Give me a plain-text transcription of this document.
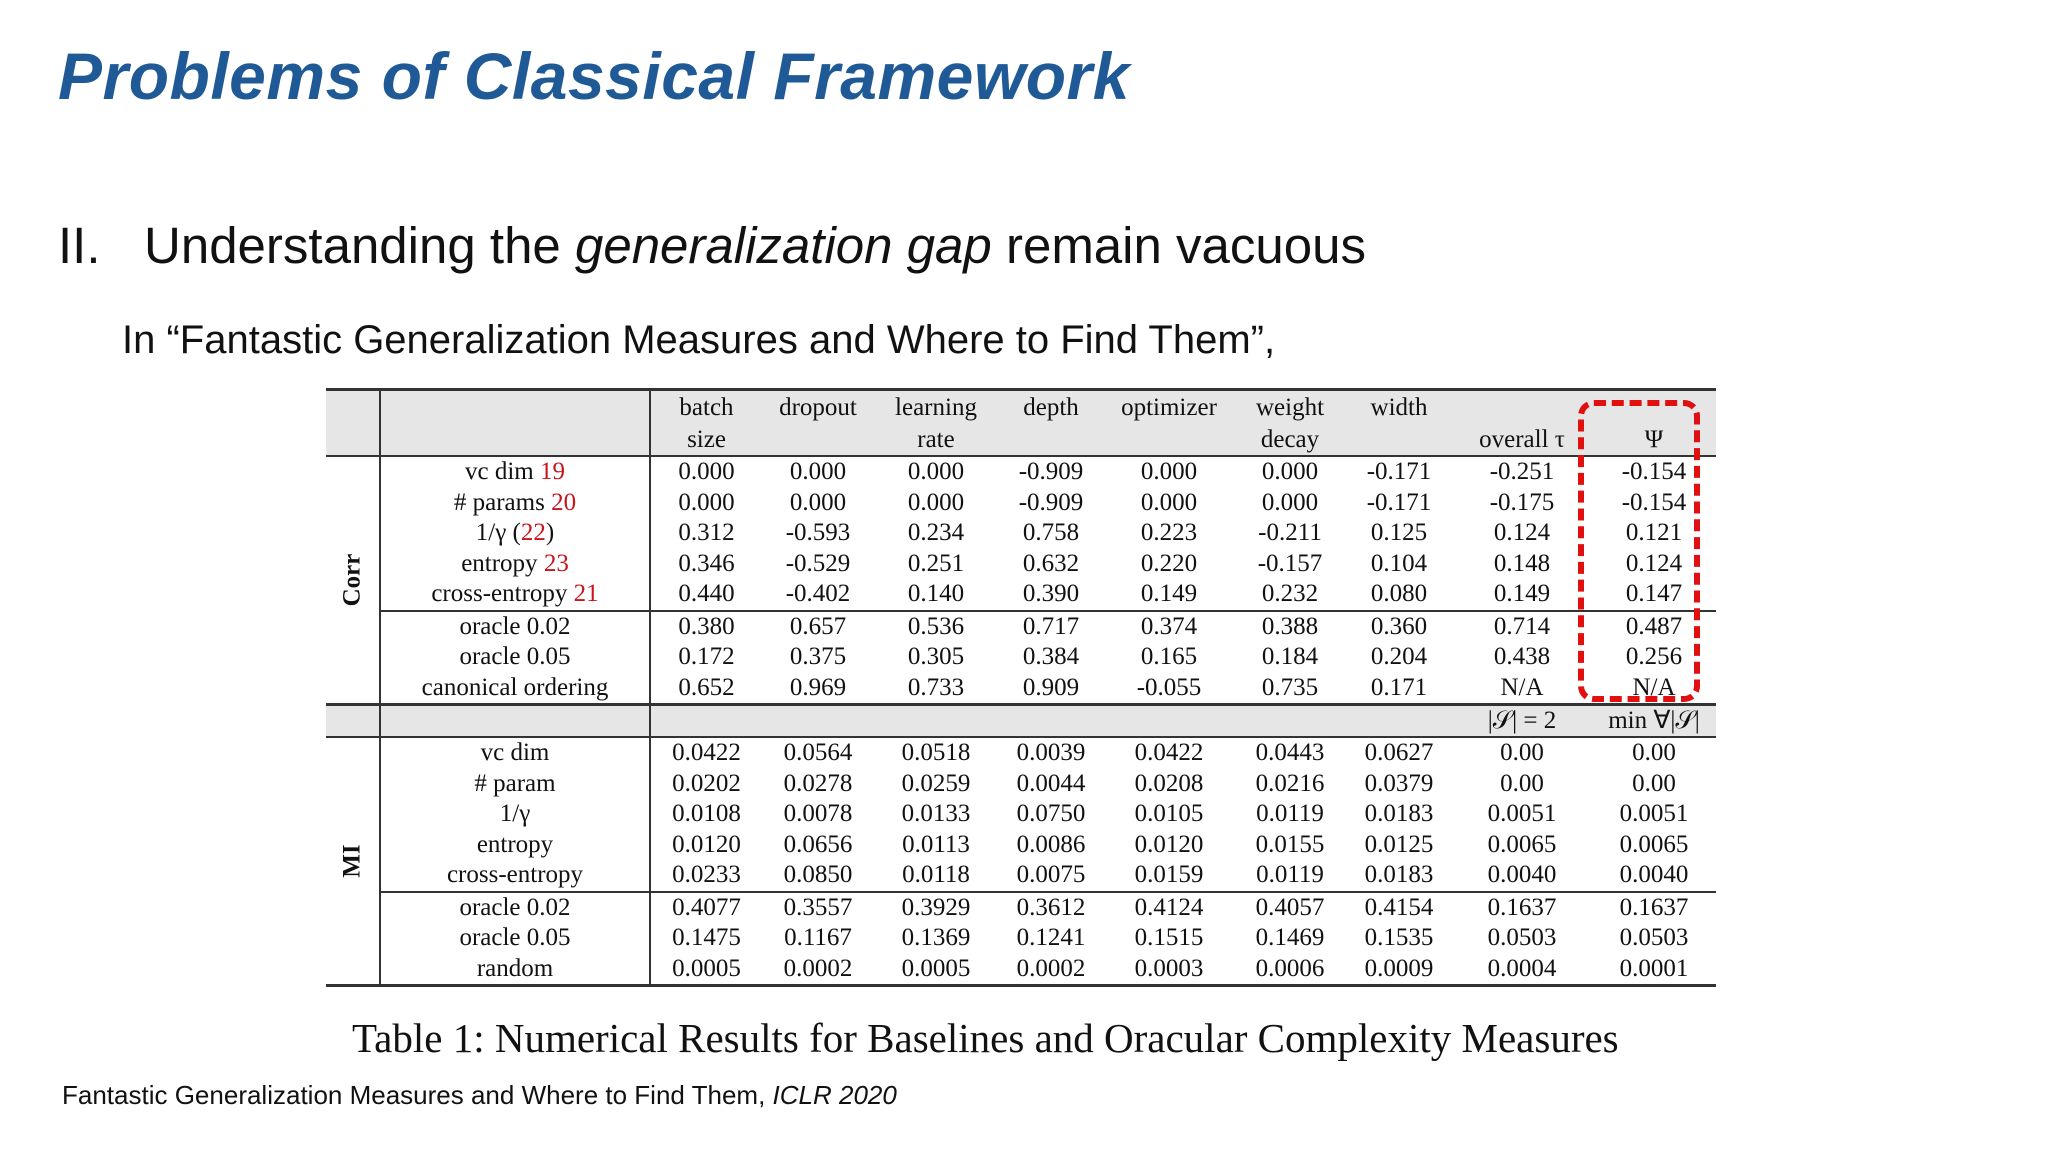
Problems of Classical Framework
II. Understanding the generalization gap remain vacuous
In “Fantastic Generalization Measures and Where to Find Them”,
		batch	dropout	learning	depth	optimizer	weight	width		
		size		rate			decay		overall τ	Ψ
Corr	vc dim 19	0.000	0.000	0.000	-0.909	0.000	0.000	-0.171	-0.251	-0.154
	# params 20	0.000	0.000	0.000	-0.909	0.000	0.000	-0.171	-0.175	-0.154
	1/γ (22)	0.312	-0.593	0.234	0.758	0.223	-0.211	0.125	0.124	0.121
	entropy 23	0.346	-0.529	0.251	0.632	0.220	-0.157	0.104	0.148	0.124
	cross-entropy 21	0.440	-0.402	0.140	0.390	0.149	0.232	0.080	0.149	0.147
	oracle 0.02	0.380	0.657	0.536	0.717	0.374	0.388	0.360	0.714	0.487
	oracle 0.05	0.172	0.375	0.305	0.384	0.165	0.184	0.204	0.438	0.256
	canonical ordering	0.652	0.969	0.733	0.909	-0.055	0.735	0.171	N/A	N/A
									|𝒮| = 2	min ∀|𝒮|
MI	vc dim	0.0422	0.0564	0.0518	0.0039	0.0422	0.0443	0.0627	0.00	0.00
	# param	0.0202	0.0278	0.0259	0.0044	0.0208	0.0216	0.0379	0.00	0.00
	1/γ	0.0108	0.0078	0.0133	0.0750	0.0105	0.0119	0.0183	0.0051	0.0051
	entropy	0.0120	0.0656	0.0113	0.0086	0.0120	0.0155	0.0125	0.0065	0.0065
	cross-entropy	0.0233	0.0850	0.0118	0.0075	0.0159	0.0119	0.0183	0.0040	0.0040
	oracle 0.02	0.4077	0.3557	0.3929	0.3612	0.4124	0.4057	0.4154	0.1637	0.1637
	oracle 0.05	0.1475	0.1167	0.1369	0.1241	0.1515	0.1469	0.1535	0.0503	0.0503
	random	0.0005	0.0002	0.0005	0.0002	0.0003	0.0006	0.0009	0.0004	0.0001
Table 1: Numerical Results for Baselines and Oracular Complexity Measures
Fantastic Generalization Measures and Where to Find Them, ICLR 2020
